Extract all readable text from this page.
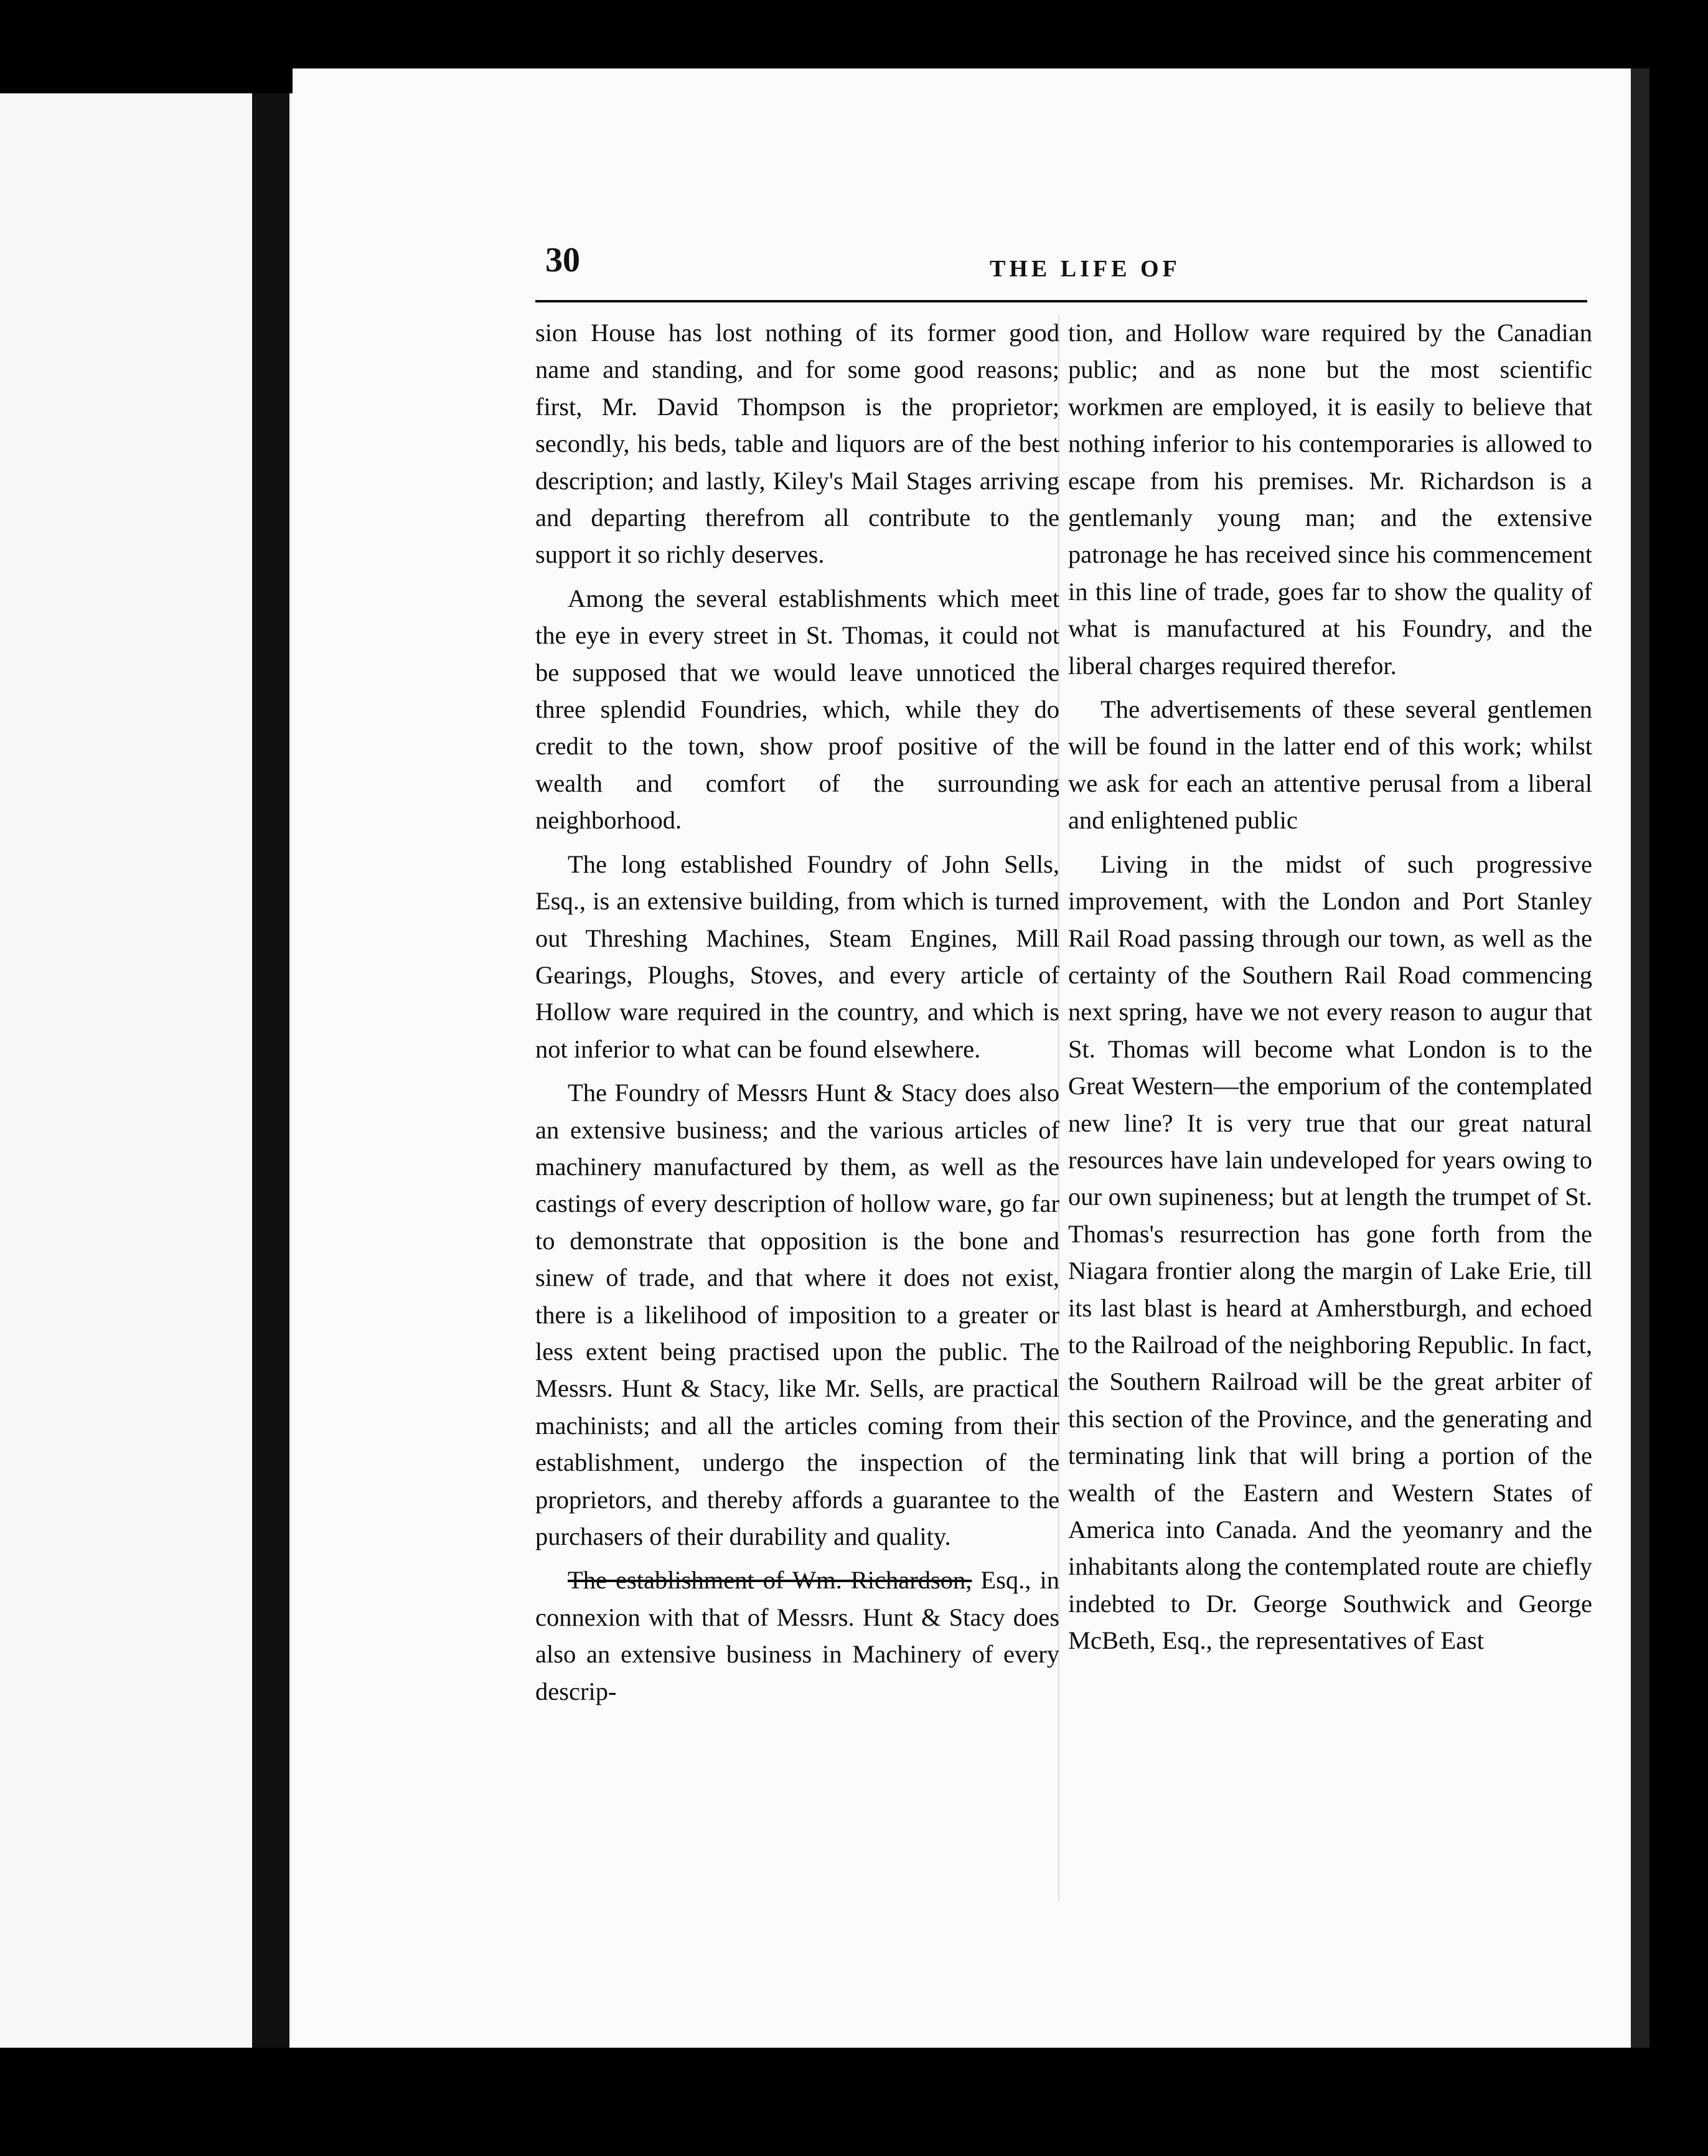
30	THE LIFE OF

sion House has lost nothing of its former good name and standing, and for some good reasons; first, Mr. David Thompson is the proprietor; secondly, his beds, table and liquors are of the best description; and lastly, Kiley's Mail Stages arriving and departing therefrom all contribute to the support it so richly deserves.

Among the several establishments which meet the eye in every street in St. Thomas, it could not be supposed that we would leave unnoticed the three splendid Foundries, which, while they do credit to the town, show proof positive of the wealth and comfort of the surrounding neighborhood.

The long established Foundry of John Sells, Esq., is an extensive building, from which is turned out Threshing Machines, Steam Engines, Mill Gearings, Ploughs, Stoves, and every article of Hollow ware required in the country, and which is not inferior to what can be found elsewhere.

The Foundry of Messrs Hunt & Stacy does also an extensive business; and the various articles of machinery manufactured by them, as well as the castings of every description of hollow ware, go far to demonstrate that opposition is the bone and sinew of trade, and that where it does not exist, there is a likelihood of imposition to a greater or less extent being practised upon the public. The Messrs. Hunt & Stacy, like Mr. Sells, are practical machinists; and all the articles coming from their establishment, undergo the inspection of the proprietors, and thereby affords a guarantee to the purchasers of their durability and quality.

The establishment of Wm. Richardson, Esq., in connexion with that of Messrs. Hunt & Stacy does also an extensive business in Machinery of every descrip-

tion, and Hollow ware required by the Canadian public; and as none but the most scientific workmen are employed, it is easily to believe that nothing inferior to his contemporaries is allowed to escape from his premises. Mr. Richardson is a gentlemanly young man; and the extensive patronage he has received since his commencement in this line of trade, goes far to show the quality of what is manufactured at his Foundry, and the liberal charges required therefor.

The advertisements of these several gentlemen will be found in the latter end of this work; whilst we ask for each an attentive perusal from a liberal and enlightened public

Living in the midst of such progressive improvement, with the London and Port Stanley Rail Road passing through our town, as well as the certainty of the Southern Rail Road commencing next spring, have we not every reason to augur that St. Thomas will become what London is to the Great Western—the emporium of the contemplated new line? It is very true that our great natural resources have lain undeveloped for years owing to our own supineness; but at length the trumpet of St. Thomas's resurrection has gone forth from the Niagara frontier along the margin of Lake Erie, till its last blast is heard at Amherstburgh, and echoed to the Railroad of the neighboring Republic. In fact, the Southern Railroad will be the great arbiter of this section of the Province, and the generating and terminating link that will bring a portion of the wealth of the Eastern and Western States of America into Canada. And the yeomanry and the inhabitants along the contemplated route are chiefly indebted to Dr. George Southwick and George McBeth, Esq., the representatives of East
